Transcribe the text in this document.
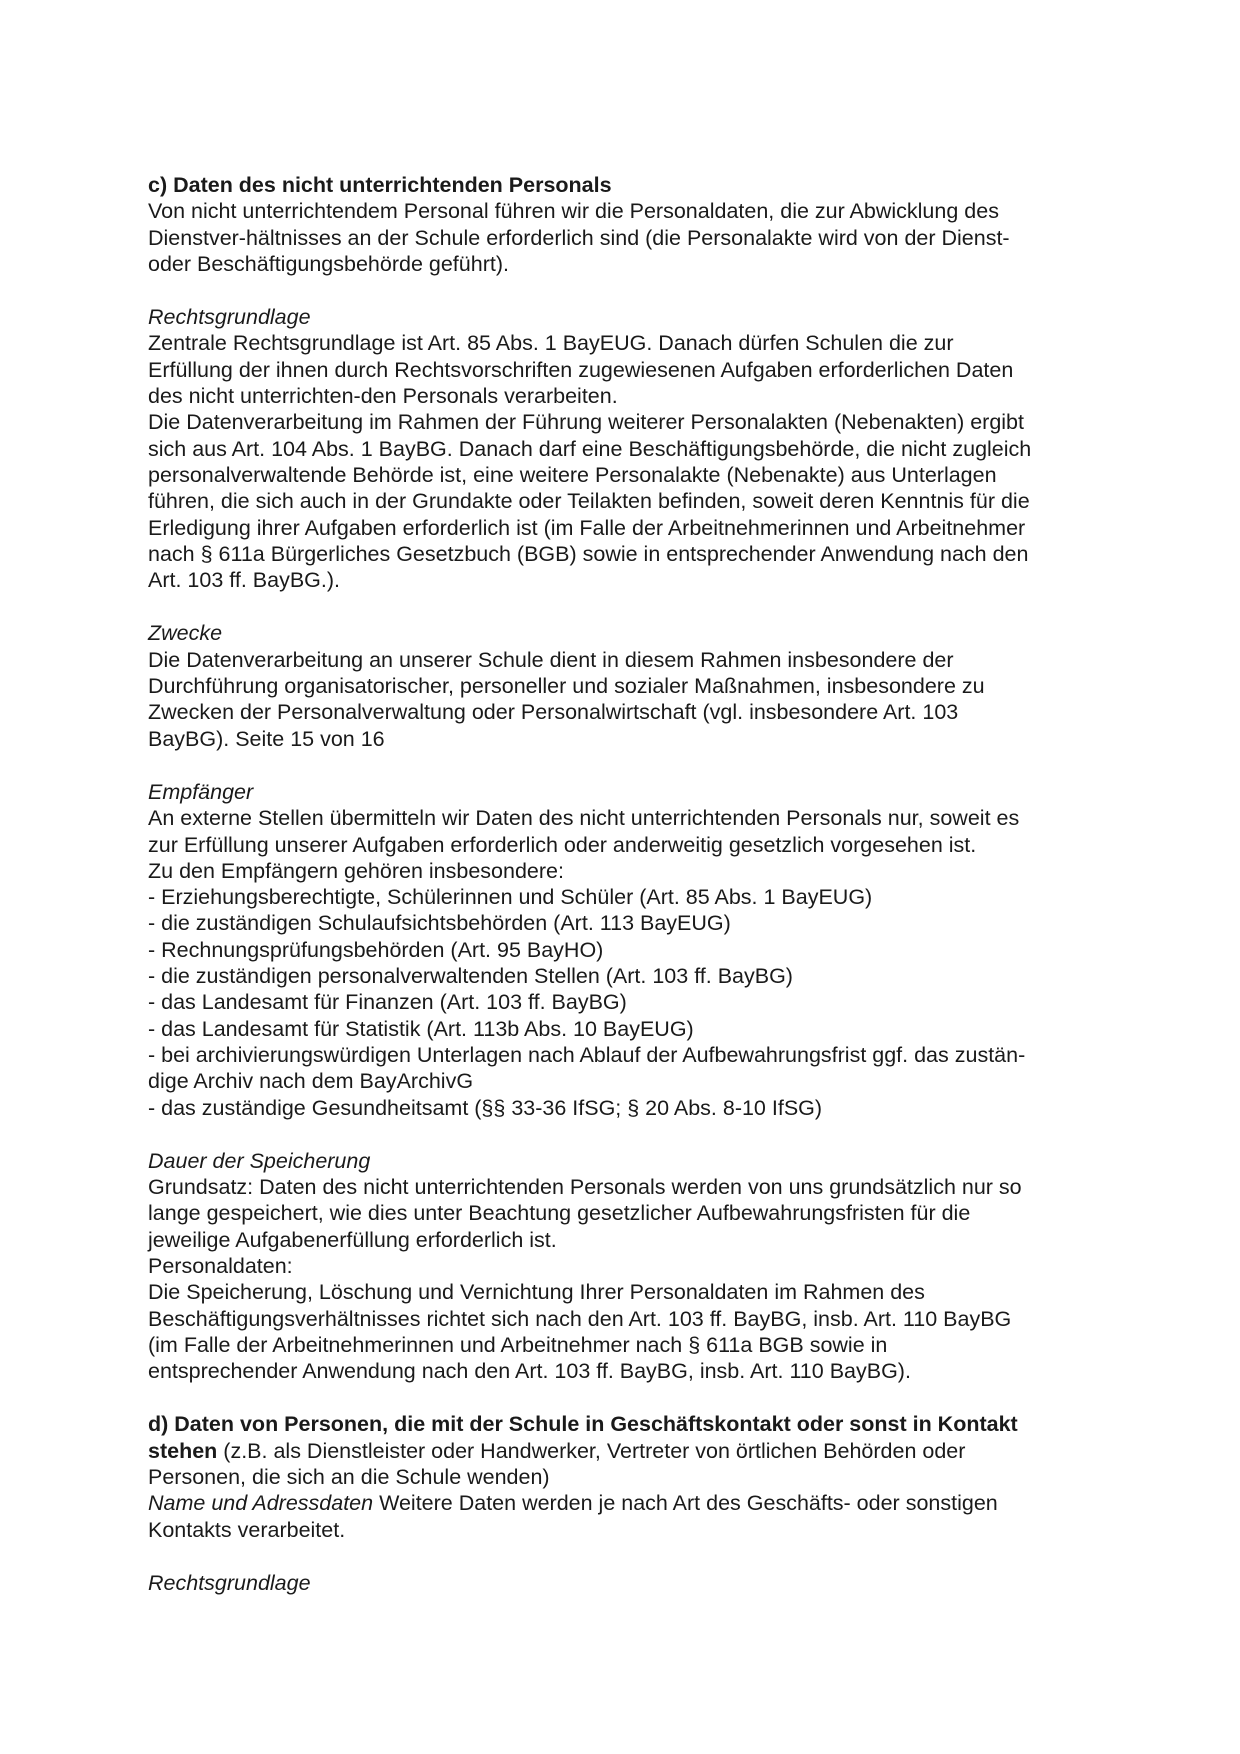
c) Daten des nicht unterrichtenden Personals
Von nicht unterrichtendem Personal führen wir die Personaldaten, die zur Abwicklung des
Dienstver-hältnisses an der Schule erforderlich sind (die Personalakte wird von der Dienst-
oder Beschäftigungsbehörde geführt).
Rechtsgrundlage
Zentrale Rechtsgrundlage ist Art. 85 Abs. 1 BayEUG. Danach dürfen Schulen die zur
Erfüllung der ihnen durch Rechtsvorschriften zugewiesenen Aufgaben erforderlichen Daten
des nicht unterrichten-den Personals verarbeiten.
Die Datenverarbeitung im Rahmen der Führung weiterer Personalakten (Nebenakten) ergibt
sich aus Art. 104 Abs. 1 BayBG. Danach darf eine Beschäftigungsbehörde, die nicht zugleich
personalverwaltende Behörde ist, eine weitere Personalakte (Nebenakte) aus Unterlagen
führen, die sich auch in der Grundakte oder Teilakten befinden, soweit deren Kenntnis für die
Erledigung ihrer Aufgaben erforderlich ist (im Falle der Arbeitnehmerinnen und Arbeitnehmer
nach § 611a Bürgerliches Gesetzbuch (BGB) sowie in entsprechender Anwendung nach den
Art. 103 ff. BayBG.).
Zwecke
Die Datenverarbeitung an unserer Schule dient in diesem Rahmen insbesondere der
Durchführung organisatorischer, personeller und sozialer Maßnahmen, insbesondere zu
Zwecken der Personalverwaltung oder Personalwirtschaft (vgl. insbesondere Art. 103
BayBG). Seite 15 von 16
Empfänger
An externe Stellen übermitteln wir Daten des nicht unterrichtenden Personals nur, soweit es
zur Erfüllung unserer Aufgaben erforderlich oder anderweitig gesetzlich vorgesehen ist.
Zu den Empfängern gehören insbesondere:
- Erziehungsberechtigte, Schülerinnen und Schüler (Art. 85 Abs. 1 BayEUG)
- die zuständigen Schulaufsichtsbehörden (Art. 113 BayEUG)
- Rechnungsprüfungsbehörden (Art. 95 BayHO)
- die zuständigen personalverwaltenden Stellen (Art. 103 ff. BayBG)
- das Landesamt für Finanzen (Art. 103 ff. BayBG)
- das Landesamt für Statistik (Art. 113b Abs. 10 BayEUG)
- bei archivierungswürdigen Unterlagen nach Ablauf der Aufbewahrungsfrist ggf. das zustän-
dige Archiv nach dem BayArchivG
- das zuständige Gesundheitsamt (§§ 33-36 IfSG; § 20 Abs. 8-10 IfSG)
Dauer der Speicherung
Grundsatz: Daten des nicht unterrichtenden Personals werden von uns grundsätzlich nur so
lange gespeichert, wie dies unter Beachtung gesetzlicher Aufbewahrungsfristen für die
jeweilige Aufgabenerfüllung erforderlich ist.
Personaldaten:
Die Speicherung, Löschung und Vernichtung Ihrer Personaldaten im Rahmen des
Beschäftigungsverhältnisses richtet sich nach den Art. 103 ff. BayBG, insb. Art. 110 BayBG
(im Falle der Arbeitnehmerinnen und Arbeitnehmer nach § 611a BGB sowie in
entsprechender Anwendung nach den Art. 103 ff. BayBG, insb. Art. 110 BayBG).
d) Daten von Personen, die mit der Schule in Geschäftskontakt oder sonst in Kontakt
stehen (z.B. als Dienstleister oder Handwerker, Vertreter von örtlichen Behörden oder
Personen, die sich an die Schule wenden)
Name und Adressdaten Weitere Daten werden je nach Art des Geschäfts- oder sonstigen
Kontakts verarbeitet.
Rechtsgrundlage
